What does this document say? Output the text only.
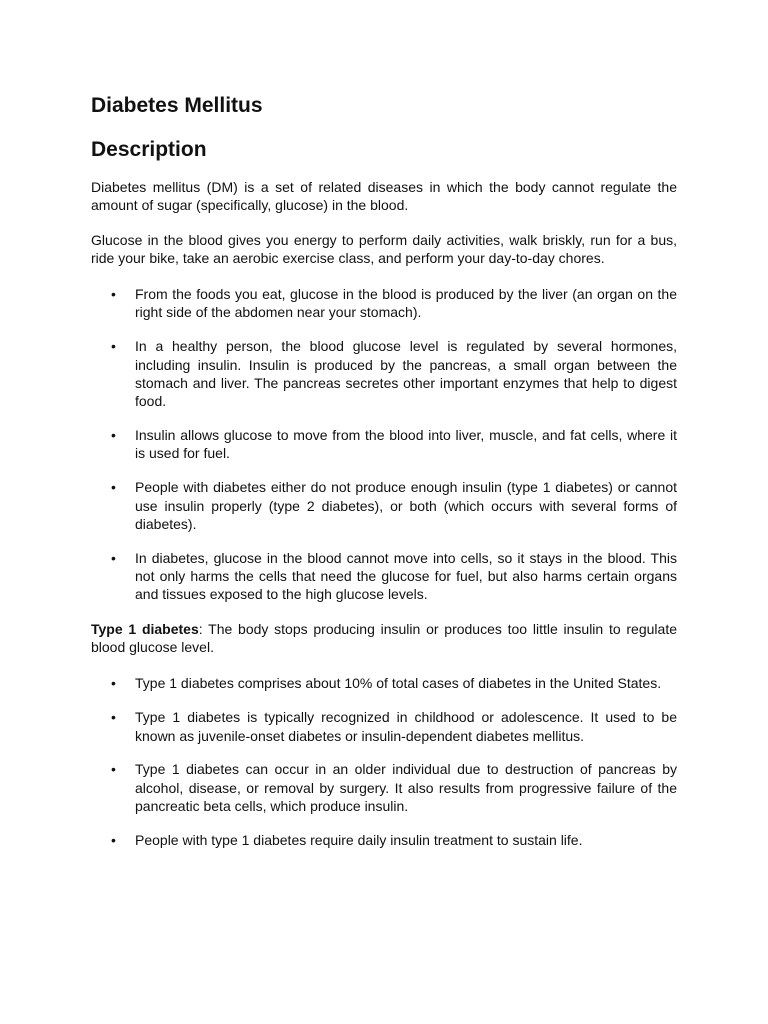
Diabetes Mellitus
Description

Diabetes mellitus (DM) is a set of related diseases in which the body cannot regulate the amount of sugar (specifically, glucose) in the blood.

Glucose in the blood gives you energy to perform daily activities, walk briskly, run for a bus, ride your bike, take an aerobic exercise class, and perform your day-to-day chores.

• From the foods you eat, glucose in the blood is produced by the liver (an organ on the right side of the abdomen near your stomach).
• In a healthy person, the blood glucose level is regulated by several hormones, including insulin. Insulin is produced by the pancreas, a small organ between the stomach and liver. The pancreas secretes other important enzymes that help to digest food.
• Insulin allows glucose to move from the blood into liver, muscle, and fat cells, where it is used for fuel.
• People with diabetes either do not produce enough insulin (type 1 diabetes) or cannot use insulin properly (type 2 diabetes), or both (which occurs with several forms of diabetes).
• In diabetes, glucose in the blood cannot move into cells, so it stays in the blood. This not only harms the cells that need the glucose for fuel, but also harms certain organs and tissues exposed to the high glucose levels.

Type 1 diabetes: The body stops producing insulin or produces too little insulin to regulate blood glucose level.

• Type 1 diabetes comprises about 10% of total cases of diabetes in the United States.
• Type 1 diabetes is typically recognized in childhood or adolescence. It used to be known as juvenile-onset diabetes or insulin-dependent diabetes mellitus.
• Type 1 diabetes can occur in an older individual due to destruction of pancreas by alcohol, disease, or removal by surgery. It also results from progressive failure of the pancreatic beta cells, which produce insulin.
• People with type 1 diabetes require daily insulin treatment to sustain life.
